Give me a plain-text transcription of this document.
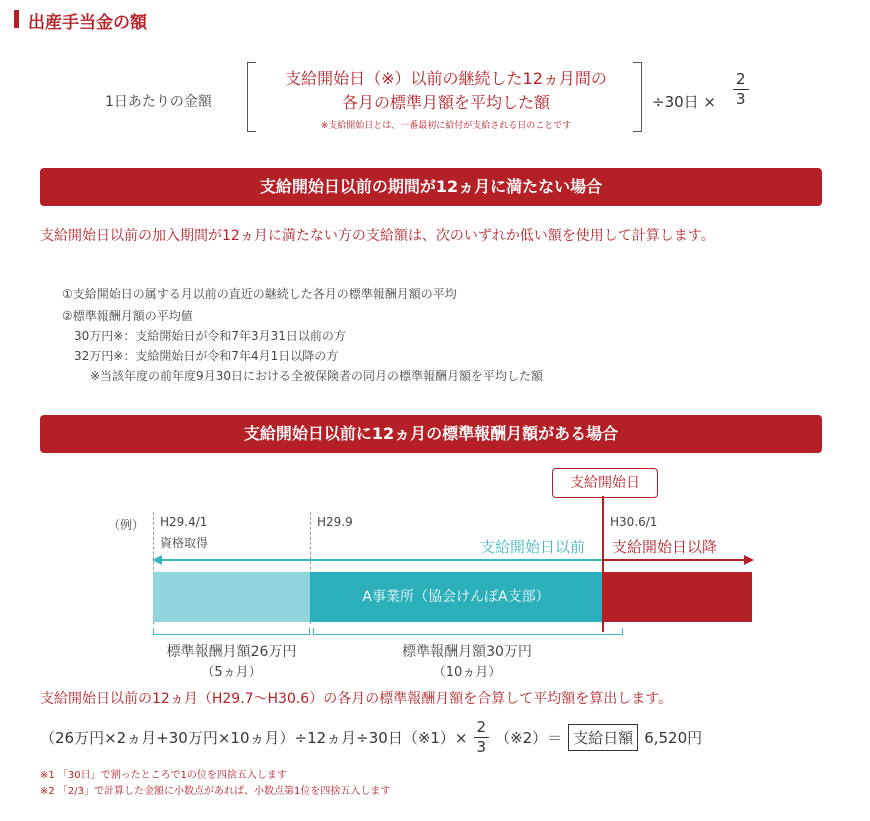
出産手当金の額
1日あたりの金額
支給開始日（※）以前の継続した12ヵ月間の
各月の標準月額を平均した額
※支給開始日とは、一番最初に給付が支給される日のことです
÷30日 × $\frac{2}{3}$
支給開始日以前の期間が12ヵ月に満たない場合
支給開始日以前の加入期間が12ヵ月に満たない方の支給額は、次のいずれか低い額を使用して計算します。
①支給開始日の属する月以前の直近の継続した各月の標準報酬月額の平均
②標準報酬月額の平均値
30万円※：支給開始日が令和7年3月31日以前の方
32万円※：支給開始日が令和7年4月1日以降の方
※当該年度の前年度9月30日における全被保険者の同月の標準報酬月額を平均した額
支給開始日以前に12ヵ月の標準報酬月額がある場合
（例）
支給開始日
H29.4/1
資格取得
H29.9	H30.6/1
支給開始日以前 支給開始日以降
A事業所（協会けんぽA支部）
標準報酬月額26万円
（5ヵ月）
標準報酬月額30万円
（10ヵ月）
支給開始日以前の12ヵ月（H29.7～H30.6）の各月の標準報酬月額を合算して平均額を算出します。
（26万円×2ヵ月+30万円×10ヵ月）÷12ヵ月÷30日（※1）× $\frac{2}{3}$ （※2）＝ 支給日額 6,520円
※1 「30日」で割ったところで1の位を四捨五入します
※2 「2/3」で計算した金額に小数点があれば、小数点第1位を四捨五入します
